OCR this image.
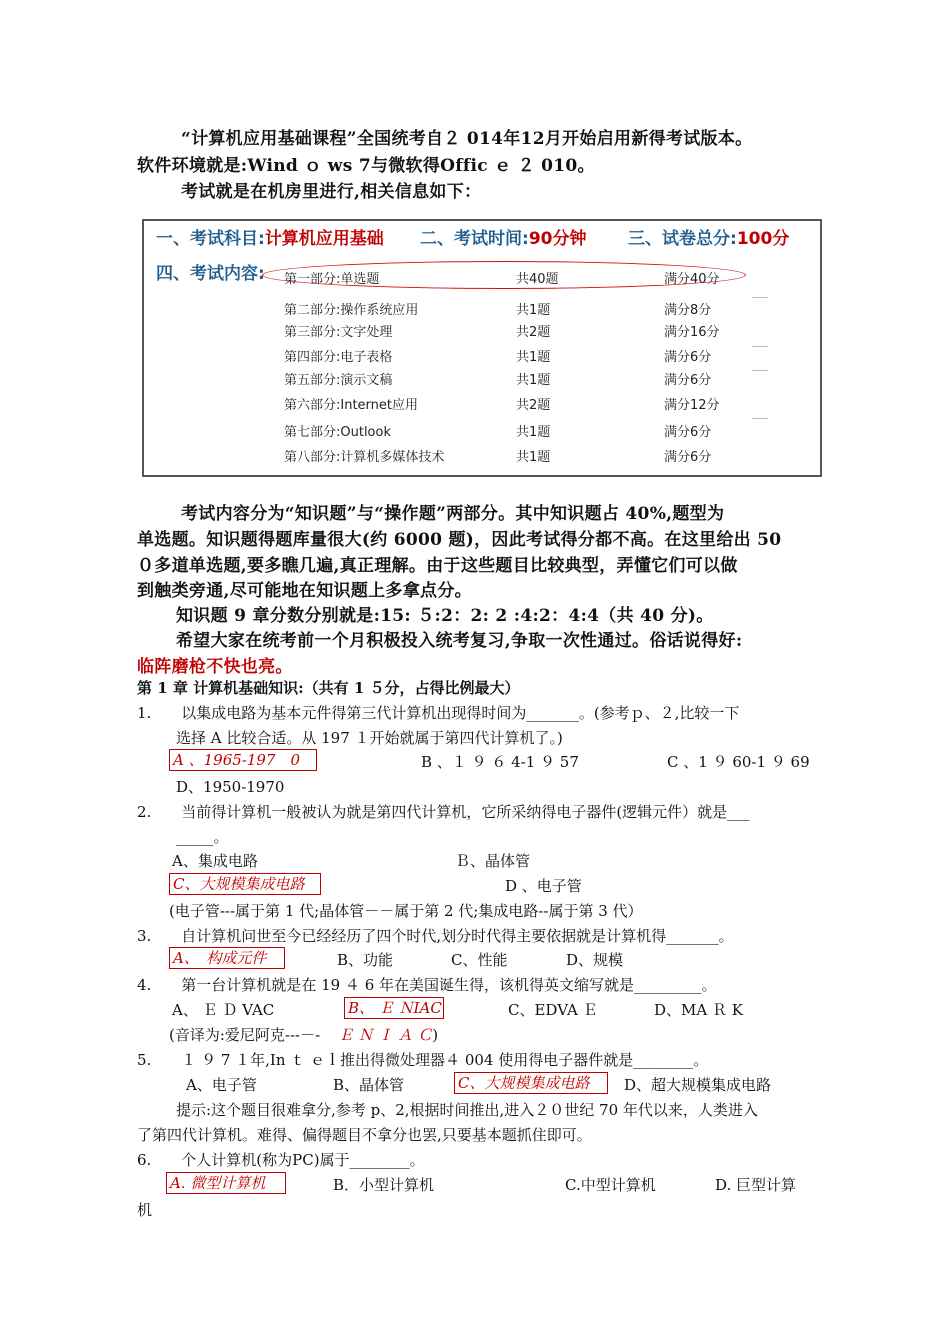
“计算机应用基础课程”全国统考自２ 014年12月开始启用新得考试版本。
软件环境就是:Wind ｏ ws 7与微软得Offic ｅ ２ 010。
考试就是在机房里进行,相关信息如下：
一、考试科目:计算机应用基础 二、考试时间:90分钟 三、试卷总分:100分
四、考试内容: 第一部分:单选题	共40题	满分40分
第二部分:操作系统应用	共1题	满分8分
第三部分:文字处理	共2题	满分16分
第四部分:电子表格	共1题	满分6分
第五部分:演示文稿	共1题	满分6分
第六部分:Internet应用	共2题	满分12分
第七部分:Outlook	共1题	满分6分
第八部分:计算机多媒体技术	共1题	满分6分
考试内容分为“知识题”与“操作题”两部分。其中知识题占 40%,题型为
单选题。知识题得题库量很大(约 6000 题)，因此考试得分都不高。在这里给出 50
０多道单选题,要多瞧几遍,真正理解。由于这些题目比较典型，弄懂它们可以做
到触类旁通,尽可能地在知识题上多拿点分。
知识题 9 章分数分别就是:15: ５:2：2: 2 :4:2：4:4（共 40 分)。
希望大家在统考前一个月积极投入统考复习,争取一次性通过。俗话说得好:
临阵磨枪不快也亮。
第 1 章 计算机基础知识:（共有 1 ５分，占得比例最大）
1.　　以集成电路为基本元件得第三代计算机出现得时间为_______。(参考ｐ、２,比较一下
选择 A 比较合适。从 197 １开始就属于第四代计算机了。)
A 、1965-197　0	B 、１ ９ ６ 4-1 ９ 57	C 、1 ９ 60-1 ９ 69
D、1950-1970
2.　　当前得计算机一般被认为就是第四代计算机，它所采纳得电子器件(逻辑元件）就是___
_____。
A、集成电路	Ｂ、晶体管
C、大规模集成电路	D 、电子管
(电子管---属于第 1 代;晶体管－－属于第 2 代;集成电路--属于第 3 代）
3.　　自计算机问世至今已经经历了四个时代,划分时代得主要依据就是计算机得_______。
A、　构成元件	B、功能	C、性能	D、规模
4.　　第一台计算机就是在 19 ４ 6 年在美国诞生得，该机得英文缩写就是_________。
A、 Ｅ Ｄ VAC	B、 Ｅ ＮIAC	C、EDVA Ｅ	D、MA Ｒ K
(音译为:爱尼阿克---－- Ｅ Ｎ Ｉ Ａ Ｃ)
5.　　１ ９ 7 １年,In ｔ ｅｌ推出得微处理器４ 004 使用得电子器件就是________。
A、电子管	B、晶体管	C、大规模集成电路	D、超大规模集成电路
提示:这个题目很难拿分,参考 p、2,根据时间推出,进入２０世纪 70 年代以来，人类进入
了第四代计算机。难得、偏得题目不拿分也罢,只要基本题抓住即可。
6.　　个人计算机(称为PC)属于________。
A. 微型计算机	B．小型计算机	C.中型计算机	D. 巨型计算
机
